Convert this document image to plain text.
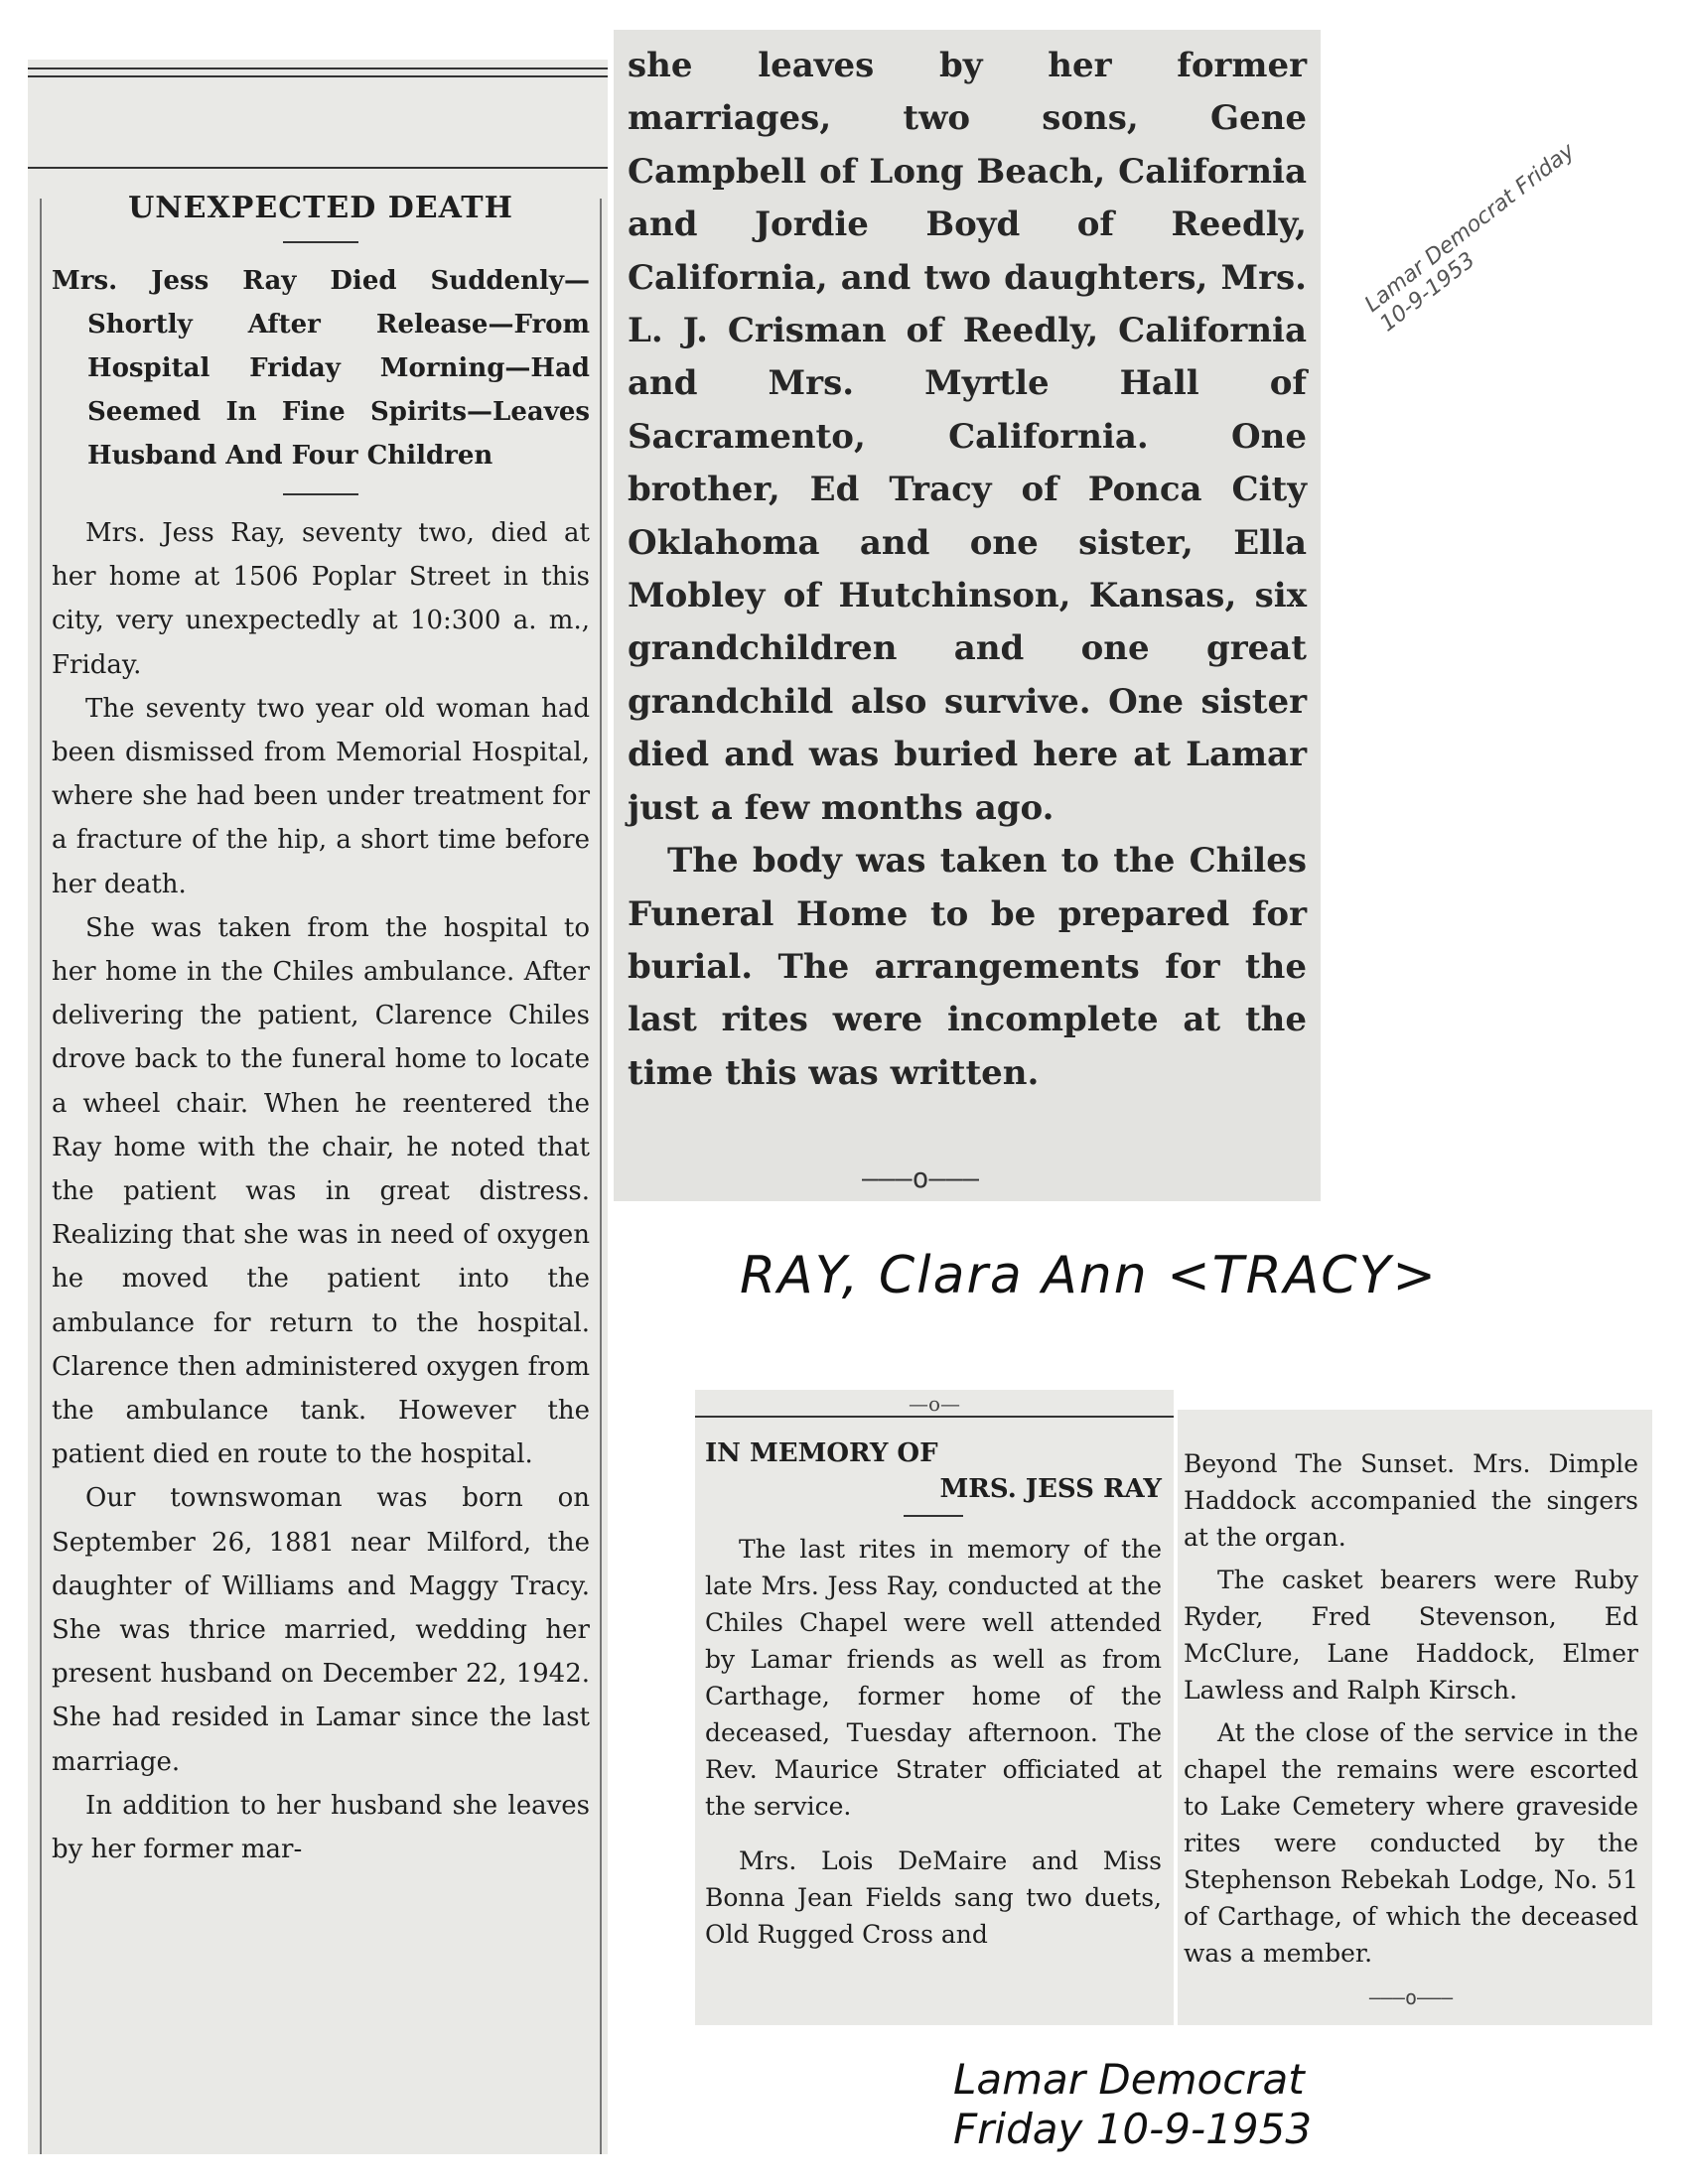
UNEXPECTED DEATH

Mrs. Jess Ray Died Suddenly—Shortly After Release—From Hospital Friday Morning—Had Seemed In Fine Spirits—Leaves Husband And Four Children

Mrs. Jess Ray, seventy two, died at her home at 1506 Poplar Street in this city, very unexpectedly at 10:300 a. m., Friday.

The seventy two year old woman had been dismissed from Memorial Hospital, where she had been under treatment for a fracture of the hip, a short time before her death.

She was taken from the hospital to her home in the Chiles ambulance. After delivering the patient, Clarence Chiles drove back to the funeral home to locate a wheel chair. When he reentered the Ray home with the chair, he noted that the patient was in great distress. Realizing that she was in need of oxygen he moved the patient into the ambulance for return to the hospital. Clarence then administered oxygen from the ambulance tank. However the patient died en route to the hospital.

Our townswoman was born on September 26, 1881 near Milford, the daughter of Williams and Maggy Tracy. She was thrice married, wedding her present husband on December 22, 1942. She had resided in Lamar since the last marriage.

In addition to her husband she leaves by her former mar-

she leaves by her former marriages, two sons, Gene Campbell of Long Beach, California and Jordie Boyd of Reedly, California, and two daughters, Mrs. L. J. Crisman of Reedly, California and Mrs. Myrtle Hall of Sacramento, California. One brother, Ed Tracy of Ponca City Oklahoma and one sister, Ella Mobley of Hutchinson, Kansas, six grandchildren and one great grandchild also survive. One sister died and was buried here at Lamar just a few months ago.

The body was taken to the Chiles Funeral Home to be prepared for burial. The arrangements for the last rites were incomplete at the time this was written.

———o———
—o—

IN MEMORY OF

MRS. JESS RAY

The last rites in memory of the late Mrs. Jess Ray, conducted at the Chiles Chapel were well attended by Lamar friends as well as from Carthage, former home of the deceased, Tuesday afternoon. The Rev. Maurice Strater officiated at the service.

Mrs. Lois DeMaire and Miss Bonna Jean Fields sang two duets, Old Rugged Cross and

Beyond The Sunset. Mrs. Dimple Haddock accompanied the singers at the organ.

The casket bearers were Ruby Ryder, Fred Stevenson, Ed McClure, Lane Haddock, Elmer Lawless and Ralph Kirsch.

At the close of the service in the chapel the remains were escorted to Lake Cemetery where graveside rites were conducted by the Stephenson Rebekah Lodge, No. 51 of Carthage, of which the deceased was a member.

———o———
RAY, Clara Ann <TRACY>
Lamar Democrat
Friday 10-9-1953
Lamar Democrat Friday 10-9-1953
